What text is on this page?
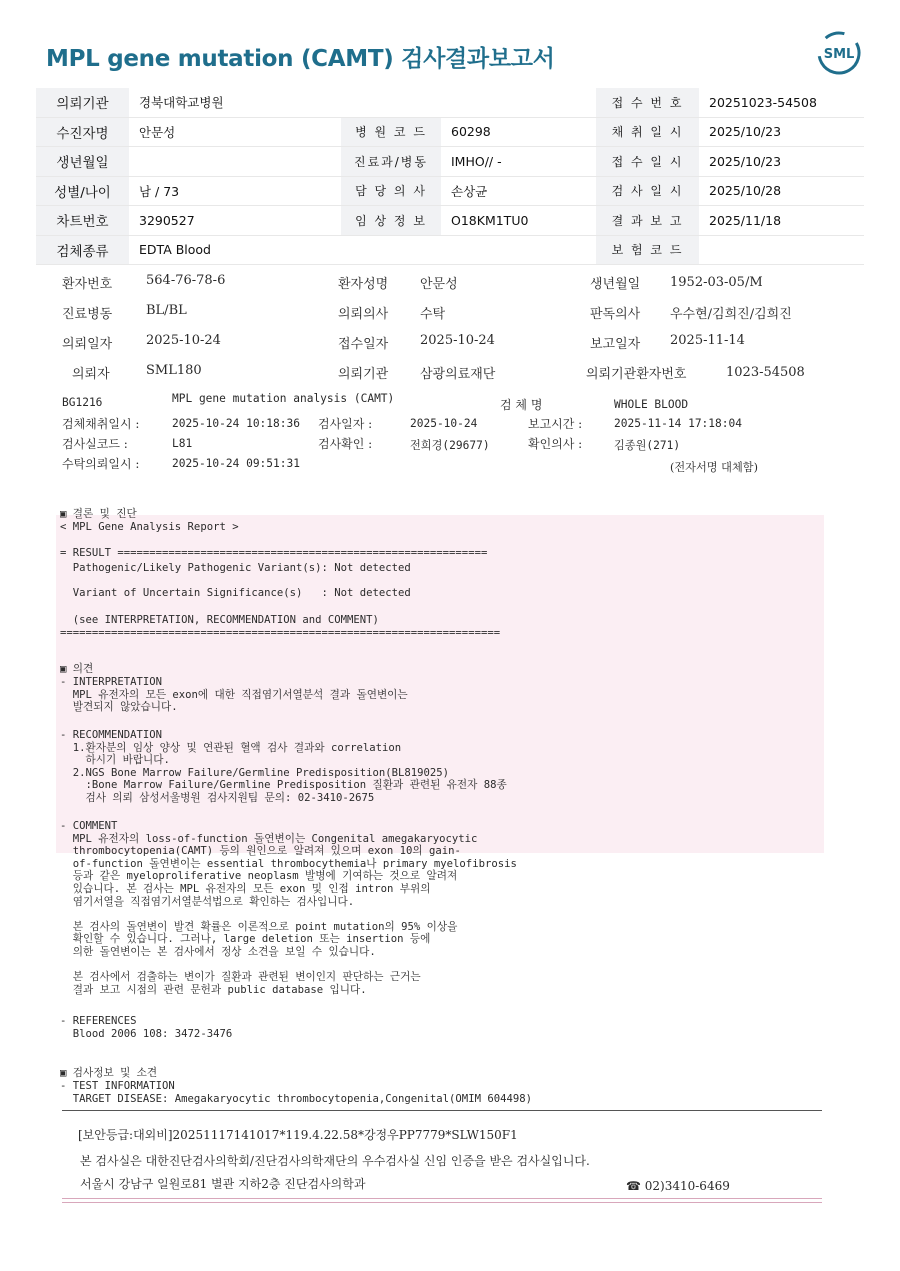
MPL gene mutation (CAMT) 검사결과보고서	SML
의뢰기관	경북대학교병원			접 수 번 호	20251023-54508
수진자명	안문성	병 원 코 드	60298	채 취 일 시	2025/10/23
생년월일		진료과/병동	IMHO// -	접 수 일 시	2025/10/23
성별/나이	남 / 73	담 당 의 사	손상균	검 사 일 시	2025/10/28
차트번호	3290527	임 상 정 보	O18KM1TU0	결 과 보 고	2025/11/18
검체종류	EDTA Blood			보 험 코 드	
환자번호	564-76-78-6	환자성명 안문성	생년월일 1952-03-05/M
진료병동	BL/BL	의뢰의사 수탁	판독의사 우수현/김희진/김희진
의뢰일자	2025-10-24	접수일자 2025-10-24	보고일자 2025-11-14
의뢰자	SML180	의뢰기관 삼광의료재단	의뢰기관환자번호	1023-54508
BG1216	MPL gene mutation analysis (CAMT)	검 체 명	WHOLE BLOOD
검체채취일시 :	2025-10-24 10:18:36 검사일자 :	2025-10-24	보고시간 :	2025-11-14 17:18:04
검사실코드 :	L81	검사확인 :	전희경(29677)	확인의사 :	김종원(271)
수탁의뢰일시 :	2025-10-24 09:51:31	(전자서명 대체함)
▣ 결론 및 진단
< MPL Gene Analysis Report >
= RESULT ==========================================================
Pathogenic/Likely Pathogenic Variant(s): Not detected
Variant of Uncertain Significance(s)   : Not detected
(see INTERPRETATION, RECOMMENDATION and COMMENT)
=====================================================================
▣ 의견
- INTERPRETATION
MPL 유전자의 모든 exon에 대한 직접염기서열분석 결과 돌연변이는
발견되지 않았습니다.
- RECOMMENDATION
1.환자분의 임상 양상 및 연관된 혈액 검사 결과와 correlation
하시기 바랍니다.
2.NGS Bone Marrow Failure/Germline Predisposition(BL819025)
:Bone Marrow Failure/Germline Predisposition 질환과 관련된 유전자 88종
검사 의뢰 삼성서울병원 검사지원팀 문의: 02-3410-2675
- COMMENT
MPL 유전자의 loss-of-function 돌연변이는 Congenital amegakaryocytic
thrombocytopenia(CAMT) 등의 원인으로 알려져 있으며 exon 10의 gain-
of-function 돌연변이는 essential thrombocythemia나 primary myelofibrosis
등과 같은 myeloproliferative neoplasm 발병에 기여하는 것으로 알려져
있습니다. 본 검사는 MPL 유전자의 모든 exon 및 인접 intron 부위의
염기서열을 직접염기서열분석법으로 확인하는 검사입니다.

본 검사의 돌연변이 발견 확률은 이론적으로 point mutation의 95% 이상을
확인할 수 있습니다. 그러나, large deletion 또는 insertion 등에
의한 돌연변이는 본 검사에서 정상 소견을 보일 수 있습니다.

본 검사에서 검출하는 변이가 질환과 관련된 변이인지 판단하는 근거는
결과 보고 시점의 관련 문헌과 public database 입니다.
- REFERENCES
Blood 2006 108: 3472-3476
▣ 검사정보 및 소견
- TEST INFORMATION
TARGET DISEASE: Amegakaryocytic thrombocytopenia,Congenital(OMIM 604498)
[보안등급:대외비]20251117141017*119.4.22.58*강정우PP7779*SLW150F1
본 검사실은 대한진단검사의학회/진단검사의학재단의 우수검사실 신임 인증을 받은 검사실입니다.
서울시 강남구 일원로81 별관 지하2층 진단검사의학과	☎ 02)3410-6469
